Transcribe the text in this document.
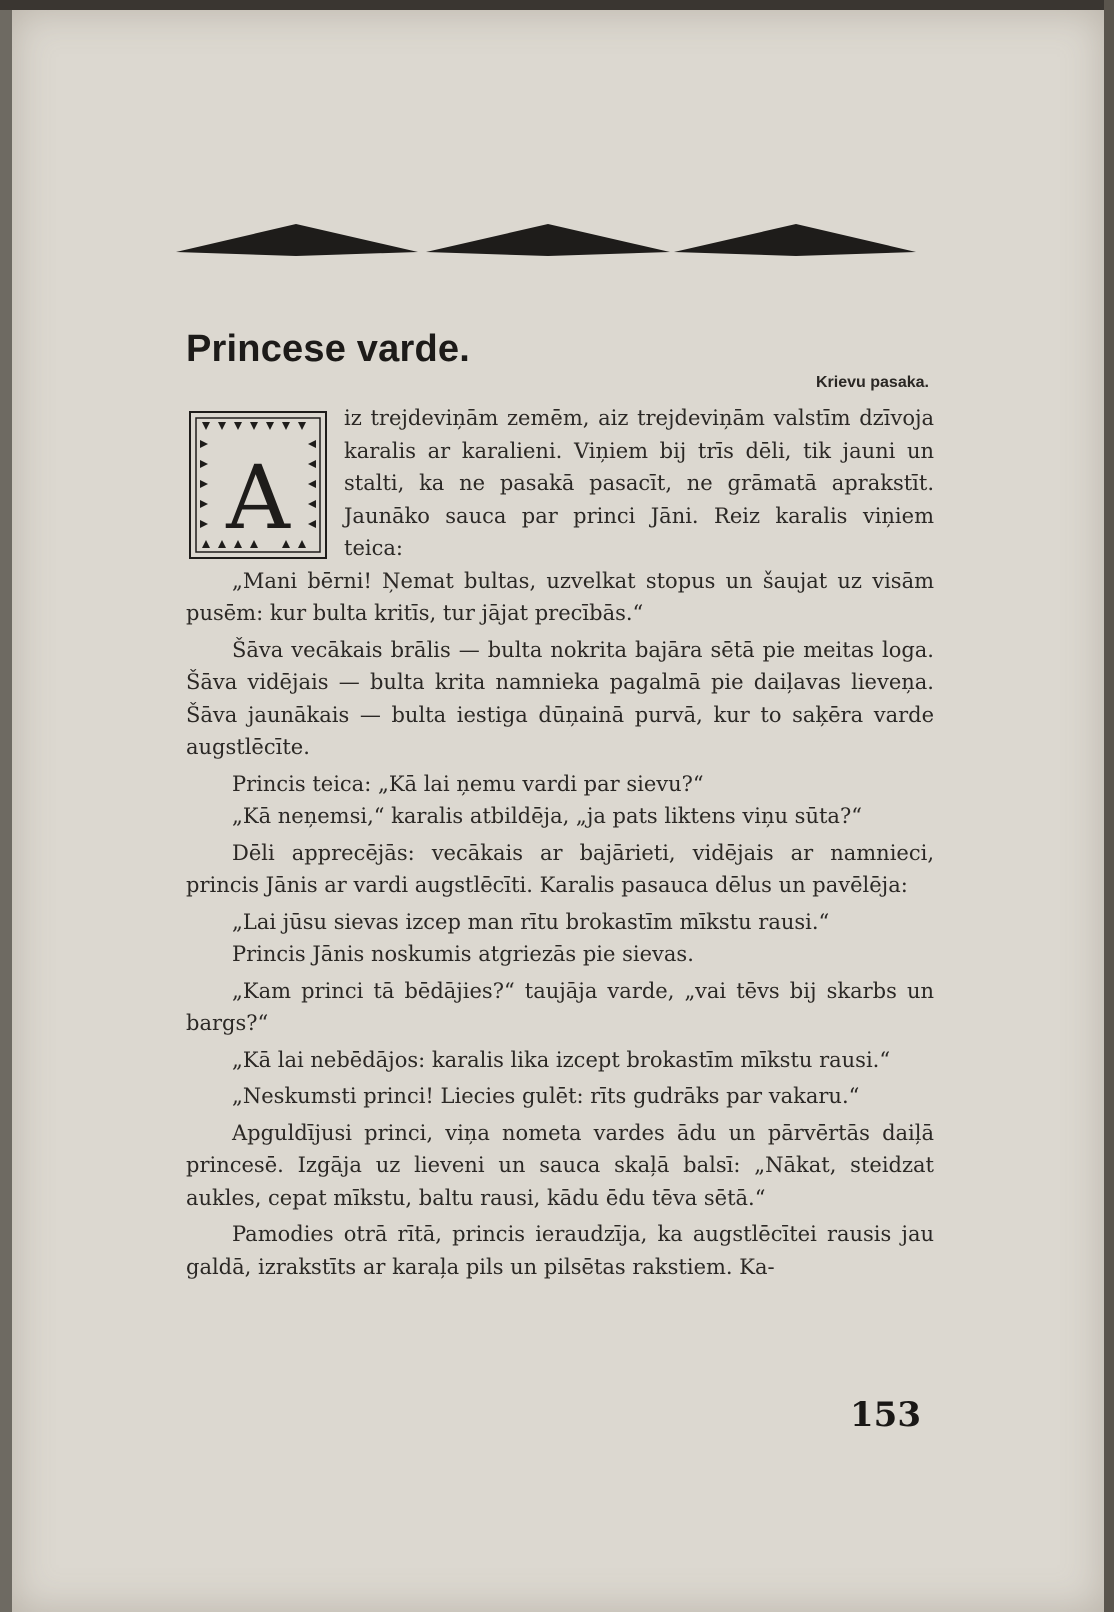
Princese varde.
Krievu pasaka.
A

iz trejdeviņām zemēm, aiz trejdeviņām valstīm dzīvoja karalis ar karalieni. Viņiem bij trīs dēli, tik jauni un stalti, ka ne pasakā pasacīt, ne grāmatā aprakstīt. Jaunāko sauca par princi Jāni. Reiz karalis viņiem teica:

„Mani bērni! Ņemat bultas, uzvelkat stopus un šaujat uz visām pusēm: kur bulta kritīs, tur jājat precībās.“

Šāva vecākais brālis — bulta nokrita bajāra sētā pie meitas loga. Šāva vidējais — bulta krita namnieka pagalmā pie daiļavas lieveņa. Šāva jaunākais — bulta iestiga dūņainā purvā, kur to saķēra varde augstlēcīte.

Princis teica: „Kā lai ņemu vardi par sievu?“

„Kā neņemsi,“ karalis atbildēja, „ja pats liktens viņu sūta?“

Dēli apprecējās: vecākais ar bajārieti, vidējais ar namnieci, princis Jānis ar vardi augstlēcīti. Karalis pasauca dēlus un pavēlēja:

„Lai jūsu sievas izcep man rītu brokastīm mīkstu rausi.“

Princis Jānis noskumis atgriezās pie sievas.

„Kam princi tā bēdājies?“ taujāja varde, „vai tēvs bij skarbs un bargs?“

„Kā lai nebēdājos: karalis lika izcept brokastīm mīkstu rausi.“

„Neskumsti princi! Liecies gulēt: rīts gudrāks par vakaru.“

Apguldījusi princi, viņa nometa vardes ādu un pārvērtās daiļā princesē. Izgāja uz lieveni un sauca skaļā balsī: „Nākat, steidzat aukles, cepat mīkstu, baltu rausi, kādu ēdu tēva sētā.“

Pamodies otrā rītā, princis ieraudzīja, ka augstlēcītei rausis jau galdā, izrakstīts ar karaļa pils un pilsētas rakstiem. Ka-

153
